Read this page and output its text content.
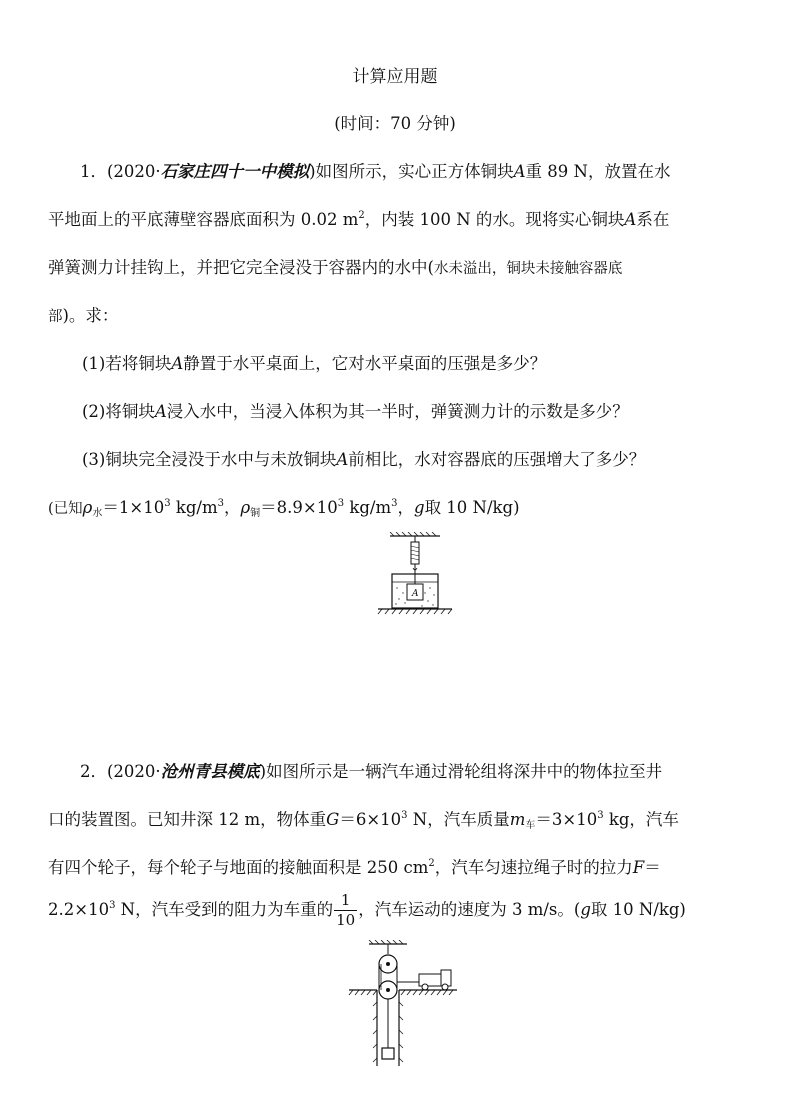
计算应用题
(时间：70 分钟)
1．(2020·石家庄四十一中模拟)如图所示，实心正方体铜块A重 89 N，放置在水
平地面上的平底薄壁容器底面积为 0.02 $m^2$，内装 100 N 的水。现将实心铜块A系在
弹簧测力计挂钩上，并把它完全浸没于容器内的水中(水未溢出，铜块未接触容器底
部)。求：
(1)若将铜块A静置于水平桌面上，它对水平桌面的压强是多少？
(2)将铜块A浸入水中，当浸入体积为其一半时，弹簧测力计的示数是多少？
(3)铜块完全浸没于水中与未放铜块A前相比，水对容器底的压强增大了多少？
(已知$\rho_水=1\times 10^3$ $kg/m^3$，$\rho_铜=8.9\times 10^3$ $kg/m^3$，g取 10 N/kg)
A
2．(2020·沧州青县模底)如图所示是一辆汽车通过滑轮组将深井中的物体拉至井
口的装置图。已知井深 12 m，物体重$G=6\times 10^3$ N，汽车质量$m_车=3\times 10^3$ kg，汽车
有四个轮子，每个轮子与地面的接触面积是 250 $cm^2$，汽车匀速拉绳子时的拉力F＝
$2.2\times 10^3$ N，汽车受到的阻力为车重的 $\frac{1}{10}$ ，汽车运动的速度为 3 m/s。(g取 10 N/kg)
